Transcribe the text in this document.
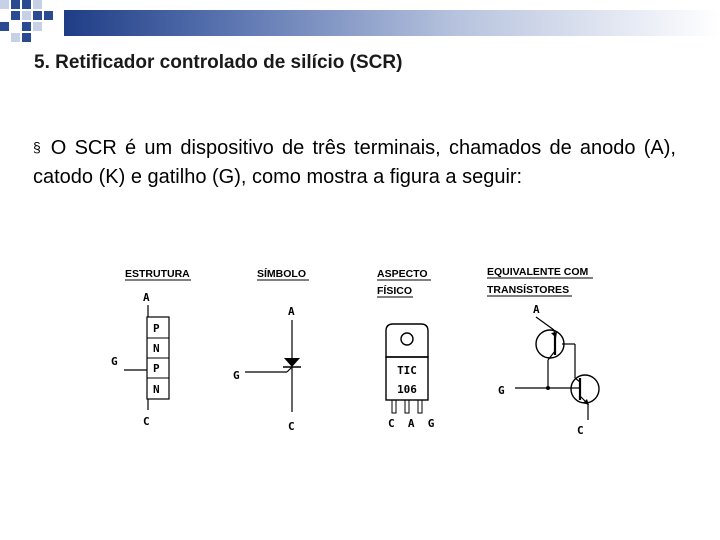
5. Retificador controlado de silício (SCR)

§ O SCR é um dispositivo de três terminais, chamados de anodo (A), catodo (K) e gatilho (G), como mostra a figura a seguir:

ESTRUTURA
A
P
N
P
N
G
C
SÍMBOLO
A
G
C
ASPECTO
FÍSICO
TIC
106
C  A  G
EQUIVALENTE COM
TRANSÍSTORES
A
G
C
